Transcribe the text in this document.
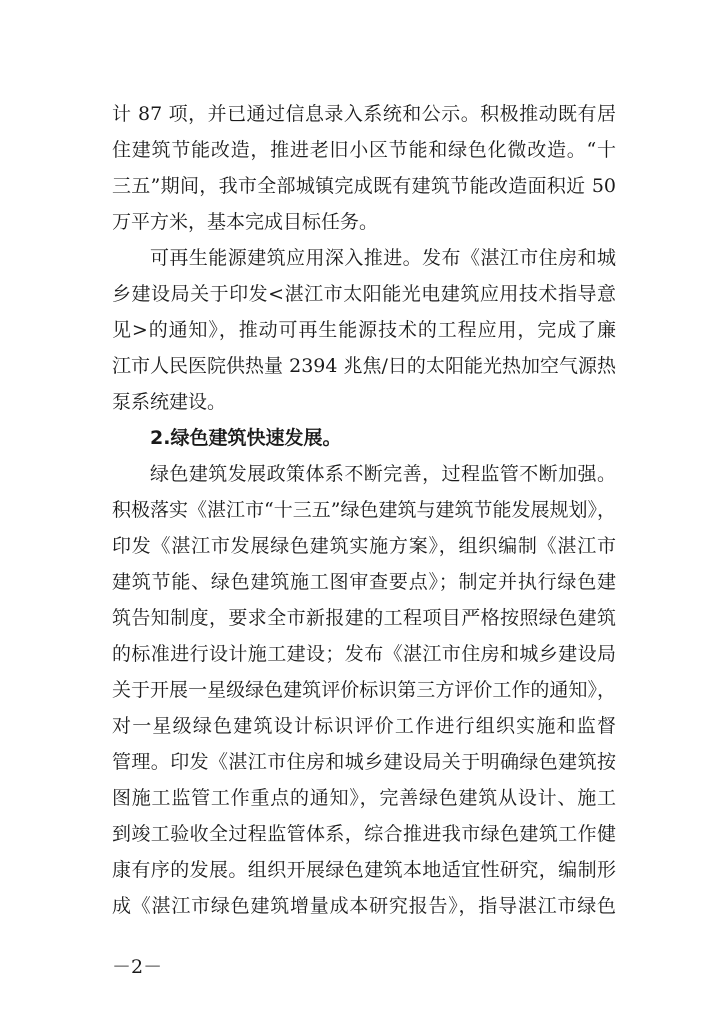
计 87 项，并已通过信息录入系统和公示。积极推动既有居
住建筑节能改造，推进老旧小区节能和绿色化微改造。“十
三五”期间，我市全部城镇完成既有建筑节能改造面积近 50
万平方米，基本完成目标任务。
可再生能源建筑应用深入推进。发布《湛江市住房和城
乡建设局关于印发<湛江市太阳能光电建筑应用技术指导意
见>的通知》，推动可再生能源技术的工程应用，完成了廉
江市人民医院供热量 2394 兆焦/日的太阳能光热加空气源热
泵系统建设。
2.绿色建筑快速发展。
绿色建筑发展政策体系不断完善，过程监管不断加强。
积极落实《湛江市“十三五”绿色建筑与建筑节能发展规划》，
印发《湛江市发展绿色建筑实施方案》，组织编制《湛江市
建筑节能、绿色建筑施工图审查要点》；制定并执行绿色建
筑告知制度，要求全市新报建的工程项目严格按照绿色建筑
的标准进行设计施工建设；发布《湛江市住房和城乡建设局
关于开展一星级绿色建筑评价标识第三方评价工作的通知》，
对一星级绿色建筑设计标识评价工作进行组织实施和监督
管理。印发《湛江市住房和城乡建设局关于明确绿色建筑按
图施工监管工作重点的通知》，完善绿色建筑从设计、施工
到竣工验收全过程监管体系，综合推进我市绿色建筑工作健
康有序的发展。组织开展绿色建筑本地适宜性研究，编制形
成《湛江市绿色建筑增量成本研究报告》，指导湛江市绿色
－2－
